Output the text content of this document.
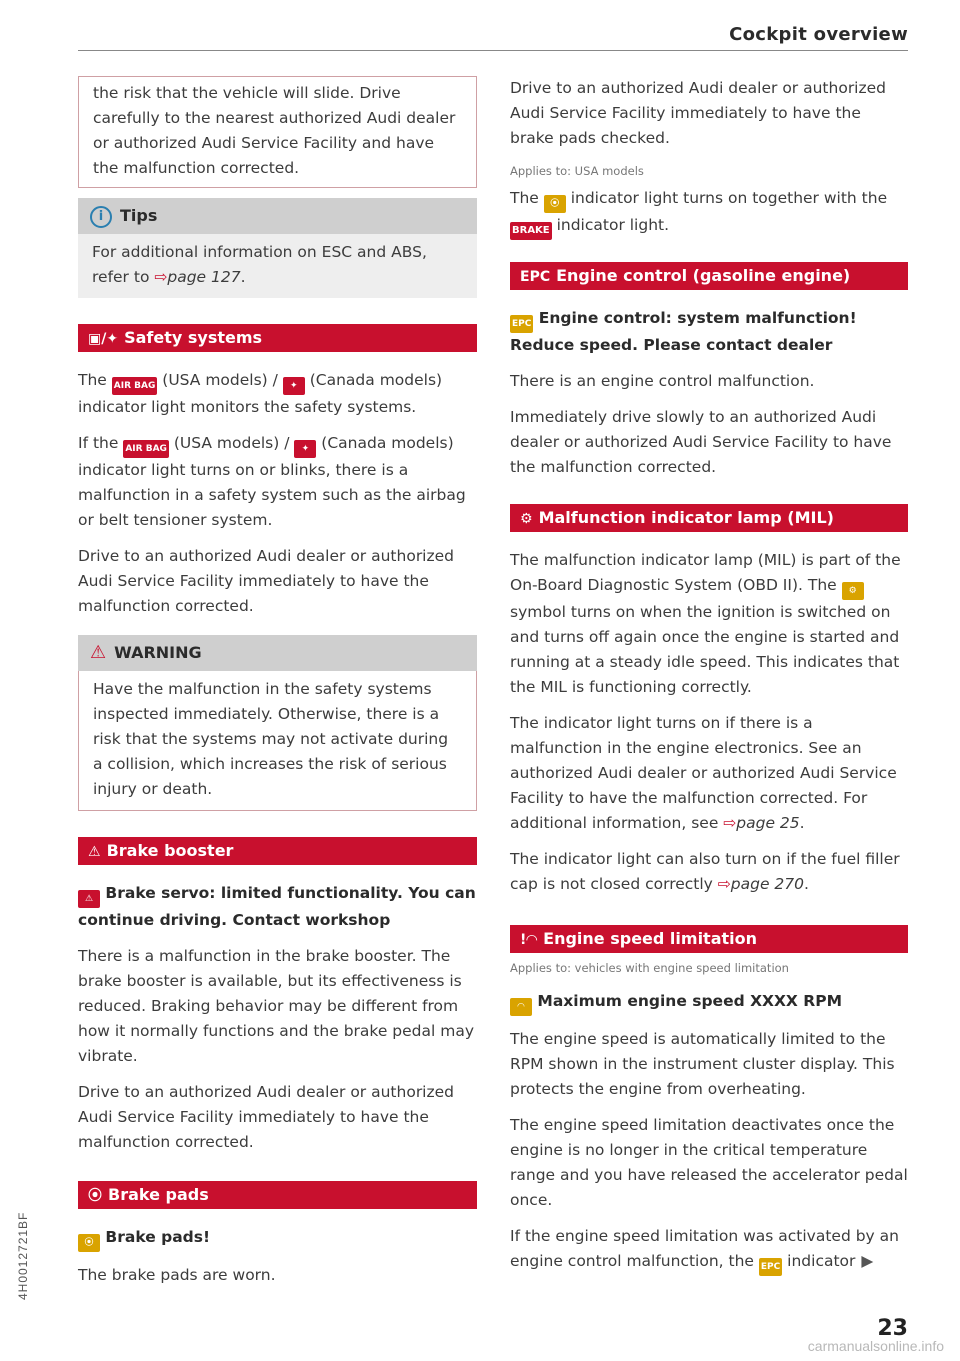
Cockpit overview

the risk that the vehicle will slide. Drive carefully to the nearest authorized Audi dealer or authorized Audi Service Facility and have the malfunction corrected.

i Tips

For additional information on ESC and ABS, refer to ⇨page 127.

▣/✦ Safety systems

The AIR BAG (USA models) / ✦ (Canada models) indicator light monitors the safety systems.

If the AIR BAG (USA models) / ✦ (Canada models) indicator light turns on or blinks, there is a malfunction in a safety system such as the airbag or belt tensioner system.

Drive to an authorized Audi dealer or authorized Audi Service Facility immediately to have the malfunction corrected.

⚠ WARNING

Have the malfunction in the safety systems inspected immediately. Otherwise, there is a risk that the systems may not activate during a collision, which increases the risk of serious injury or death.

⚠ Brake booster

⚠ Brake servo: limited functionality. You can continue driving. Contact workshop

There is a malfunction in the brake booster. The brake booster is available, but its effectiveness is reduced. Braking behavior may be different from how it normally functions and the brake pedal may vibrate.

Drive to an authorized Audi dealer or authorized Audi Service Facility immediately to have the malfunction corrected.

⦿ Brake pads

⦿ Brake pads!

The brake pads are worn.

Drive to an authorized Audi dealer or authorized Audi Service Facility immediately to have the brake pads checked.

Applies to: USA models

The ⦿ indicator light turns on together with the BRAKE indicator light.

EPC Engine control (gasoline engine)

EPC Engine control: system malfunction! Reduce speed. Please contact dealer

There is an engine control malfunction.

Immediately drive slowly to an authorized Audi dealer or authorized Audi Service Facility to have the malfunction corrected.

⚙ Malfunction indicator lamp (MIL)

The malfunction indicator lamp (MIL) is part of the On-Board Diagnostic System (OBD II). The ⚙ symbol turns on when the ignition is switched on and turns off again once the engine is started and running at a steady idle speed. This indicates that the MIL is functioning correctly.

The indicator light turns on if there is a malfunction in the engine electronics. See an authorized Audi dealer or authorized Audi Service Facility to have the malfunction corrected. For additional information, see ⇨page 25.

The indicator light can also turn on if the fuel filler cap is not closed correctly ⇨page 270.

!◠ Engine speed limitation

Applies to: vehicles with engine speed limitation

◠ Maximum engine speed XXXX RPM

The engine speed is automatically limited to the RPM shown in the instrument cluster display. This protects the engine from overheating.

The engine speed limitation deactivates once the engine is no longer in the critical temperature range and you have released the accelerator pedal once.

If the engine speed limitation was activated by an engine control malfunction, the EPC indicator ▶

23
4H0012721BF
carmanualsonline.info
